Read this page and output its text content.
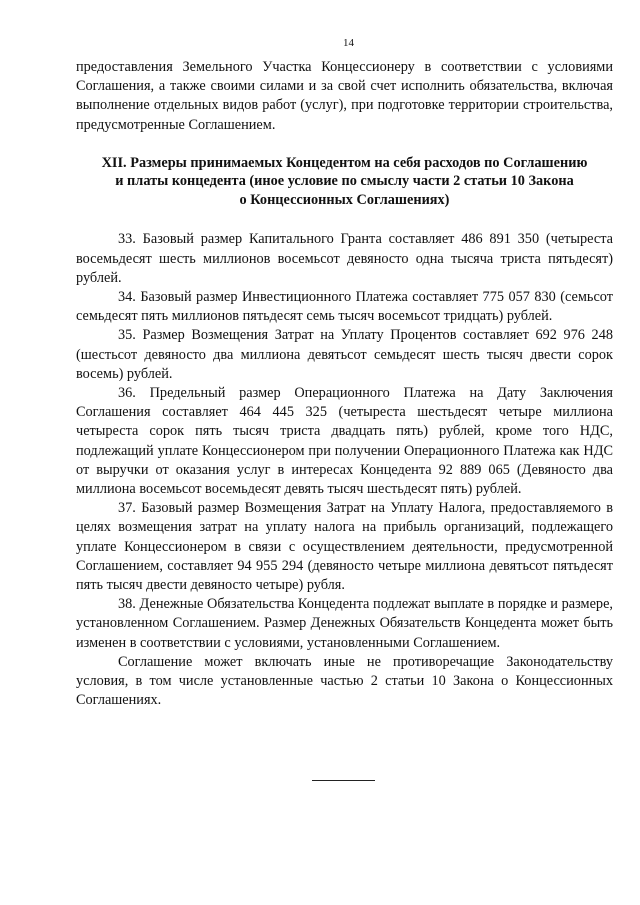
14

предоставления Земельного Участка Концессионеру в соответствии с условиями Соглашения, а также своими силами и за свой счет исполнить обязательства, включая выполнение отдельных видов работ (услуг), при подготовке территории строительства, предусмотренные Соглашением.

XII. Размеры принимаемых Концедентом на себя расходов по Соглашению
и платы концедента (иное условие по смыслу части 2 статьи 10 Закона
о Концессионных Соглашениях)

33. Базовый размер Капитального Гранта составляет 486 891 350 (четыреста восемьдесят шесть миллионов восемьсот девяносто одна тысяча триста пятьдесят) рублей.

34. Базовый размер Инвестиционного Платежа составляет 775 057 830 (семьсот семьдесят пять миллионов пятьдесят семь тысяч восемьсот тридцать) рублей.

35. Размер Возмещения Затрат на Уплату Процентов составляет 692 976 248 (шестьсот девяносто два миллиона девятьсот семьдесят шесть тысяч двести сорок восемь) рублей.

36. Предельный размер Операционного Платежа на Дату Заключения Соглашения составляет 464 445 325 (четыреста шестьдесят четыре миллиона четыреста сорок пять тысяч триста двадцать пять) рублей, кроме того НДС, подлежащий уплате Концессионером при получении Операционного Платежа как НДС от выручки от оказания услуг в интересах Концедента 92 889 065 (Девяносто два миллиона восемьсот восемьдесят девять тысяч шестьдесят пять) рублей.

37. Базовый размер Возмещения Затрат на Уплату Налога, предоставляемого в целях возмещения затрат на уплату налога на прибыль организаций, подлежащего уплате Концессионером в связи с осуществлением деятельности, предусмотренной Соглашением, составляет 94 955 294 (девяносто четыре миллиона девятьсот пятьдесят пять тысяч двести девяносто четыре) рубля.

38. Денежные Обязательства Концедента подлежат выплате в порядке и размере, установленном Соглашением. Размер Денежных Обязательств Концедента может быть изменен в соответствии с условиями, установленными Соглашением.

Соглашение может включать иные не противоречащие Законодательству условия, в том числе установленные частью 2 статьи 10 Закона о Концессионных Соглашениях.
